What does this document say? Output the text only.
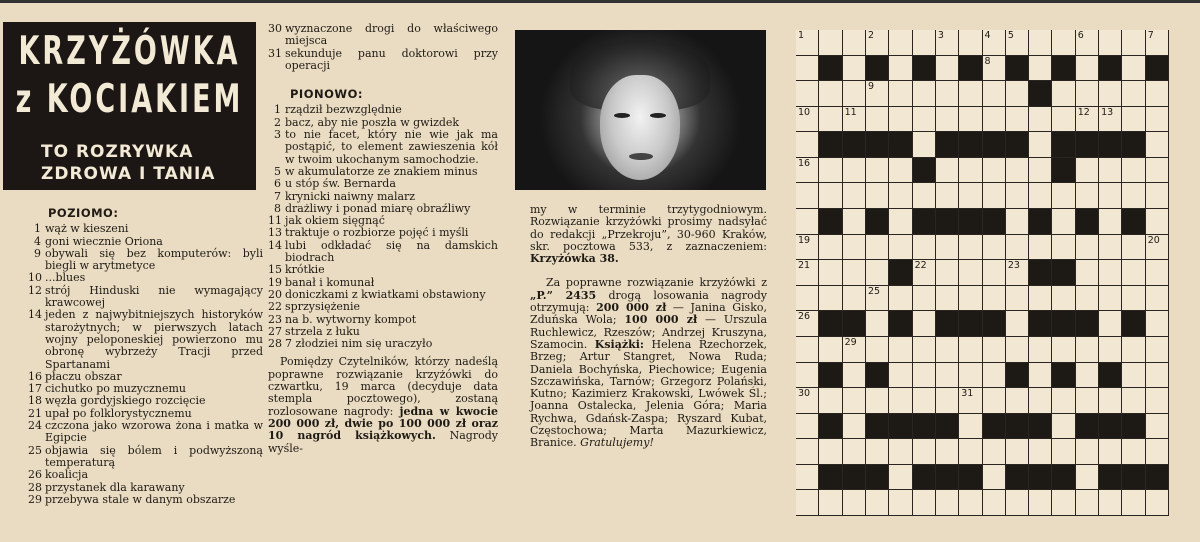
KRZYŻÓWKA
z KOCIAKIEM
TO ROZRYWKA
ZDROWA I TANIA
POZIOMO:
1 wąż w kieszeni
4 goni wiecznie Oriona
9 obywali się bez komputerów: byli biegli w arytmetyce
10 ...blues
12 strój Hinduski nie wymagający krawcowej
14 jeden z najwybitniejszych historyków starożytnych; w pierwszych latach wojny peloponeskiej powierzono mu obronę wybrzeży Tracji przed Spartanami
16 płaczu obszar
17 cichutko po muzycznemu
18 węzła gordyjskiego rozcięcie
21 upał po folklorystycznemu
24 czczona jako wzorowa żona i matka w Egipcie
25 objawia się bólem i podwyższoną temperaturą
26 koalicja
28 przystanek dla karawany
29 przebywa stale w danym obszarze
30 wyznaczone drogi do właściwego miejsca
31 sekunduje panu doktorowi przy operacji
PIONOWO:
1 rządził bezwzględnie
2 bacz, aby nie poszła w gwizdek
3 to nie facet, który nie wie jak ma postąpić, to element zawieszenia kół w twoim ukochanym samochodzie.
5 w akumulatorze ze znakiem minus
6 u stóp św. Bernarda
7 krynicki naiwny malarz
8 drażliwy i ponad miarę obraźliwy
11 jak okiem sięgnąć
13 traktuje o rozbiorze pojęć i myśli
14 lubi odkładać się na damskich biodrach
15 krótkie
19 banał i komunał
20 doniczkami z kwiatkami obstawiony
22 sprzysiężenie
23 na b. wytworny kompot
27 strzela z łuku
28 7 złodziei nim się uraczyło
Pomiędzy Czytelników, którzy nadeślą poprawne rozwiązanie krzyżówki do czwartku, 19 marca (decyduje data stempla pocztowego), zostaną rozlosowane nagrody: jedna w kwocie 200 000 zł, dwie po 100 000 zł oraz 10 nagród książkowych. Nagrody wyśle-
my w terminie trzytygodniowym. Rozwiązanie krzyżówki prosimy nadsyłać do redakcji „Przekroju”, 30-960 Kraków, skr. pocztowa 533, z zaznaczeniem: Krzyżówka 38.
Za poprawne rozwiązanie krzyżówki z „P.” 2435 drogą losowania nagrody otrzymują: 200 000 zł — Janina Gisko, Zduńska Wola; 100 000 zł — Urszula Ruchlewicz, Rzeszów; Andrzej Kruszyna, Szamocin. Książki: Helena Rzechorzek, Brzeg; Artur Stangret, Nowa Ruda; Daniela Bochyńska, Piechowice; Eugenia Szczawińska, Tarnów; Grzegorz Polański, Kutno; Kazimierz Krakowski, Lwówek Śl.; Joanna Ostalecka, Jelenia Góra; Maria Rychwa, Gdańsk-Zaspa; Ryszard Kubat, Częstochowa; Marta Mazurkiewicz, Branice. Gratulujemy!
1	2	3	4 5	6	7
8
9
10	11	12 13
14	15
16	17
18
19	20
21	22	23 24
25
26	27	28
29
30	31
